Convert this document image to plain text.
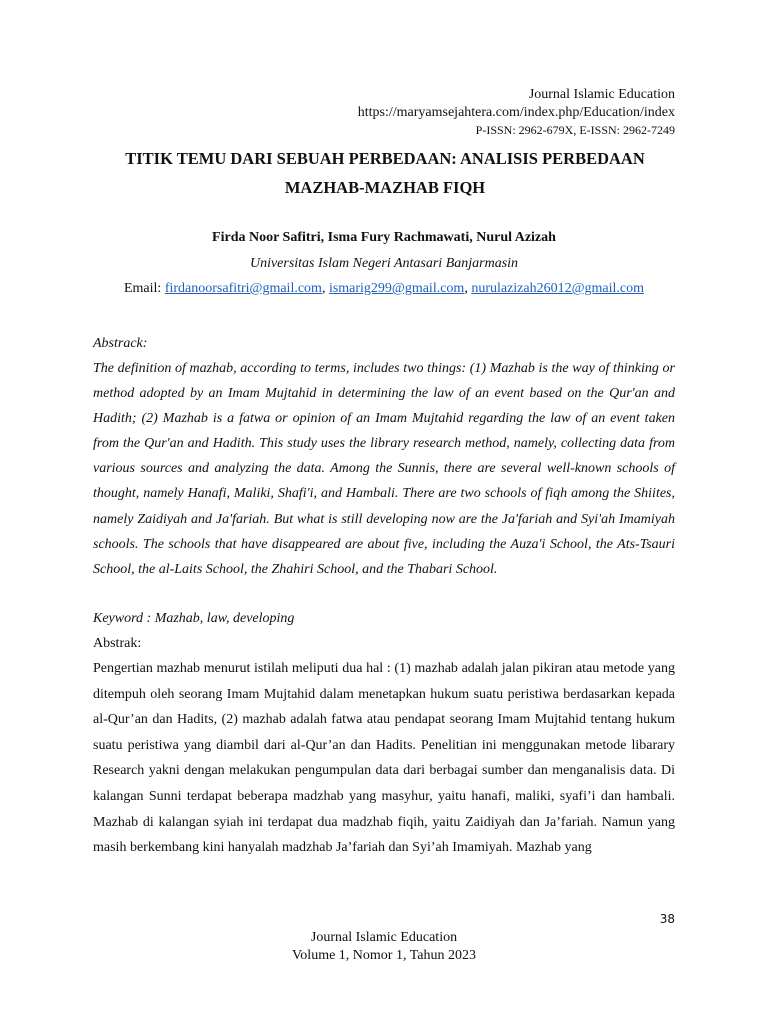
Journal Islamic Education
https://maryamsejahtera.com/index.php/Education/index
P-ISSN: 2962-679X, E-ISSN: 2962-7249
TITIK TEMU DARI SEBUAH PERBEDAAN: ANALISIS PERBEDAAN
MAZHAB-MAZHAB FIQH
Firda Noor Safitri, Isma Fury Rachmawati, Nurul Azizah
Universitas Islam Negeri Antasari Banjarmasin
Email: firdanoorsafitri@gmail.com, ismarig299@gmail.com, nurulazizah26012@gmail.com
Abstrack:
The definition of mazhab, according to terms, includes two things: (1) Mazhab is the way of thinking or method adopted by an Imam Mujtahid in determining the law of an event based on the Qur'an and Hadith; (2) Mazhab is a fatwa or opinion of an Imam Mujtahid regarding the law of an event taken from the Qur'an and Hadith. This study uses the library research method, namely, collecting data from various sources and analyzing the data. Among the Sunnis, there are several well-known schools of thought, namely Hanafi, Maliki, Shafi'i, and Hambali. There are two schools of fiqh among the Shiites, namely Zaidiyah and Ja'fariah. But what is still developing now are the Ja'fariah and Syi'ah Imamiyah schools. The schools that have disappeared are about five, including the Auza'i School, the Ats-Tsauri School, the al-Laits School, the Zhahiri School, and the Thabari School.
Keyword : Mazhab, law, developing
Abstrak:
Pengertian mazhab menurut istilah meliputi dua hal : (1) mazhab adalah jalan pikiran atau metode yang ditempuh oleh seorang Imam Mujtahid dalam menetapkan hukum suatu peristiwa berdasarkan kepada al-Qur’an dan Hadits, (2) mazhab adalah fatwa atau pendapat seorang Imam Mujtahid tentang hukum suatu peristiwa yang diambil dari al-Qur’an dan Hadits. Penelitian ini menggunakan metode libarary Research yakni dengan melakukan pengumpulan data dari berbagai sumber dan menganalisis data. Di kalangan Sunni terdapat beberapa madzhab yang masyhur, yaitu hanafi, maliki, syafi’i dan hambali. Mazhab di kalangan syiah ini terdapat dua madzhab fiqih, yaitu Zaidiyah dan Ja’fariah. Namun yang masih berkembang kini hanyalah madzhab Ja’fariah dan Syi’ah Imamiyah. Mazhab yang
38
Journal Islamic Education
Volume 1, Nomor 1, Tahun 2023
